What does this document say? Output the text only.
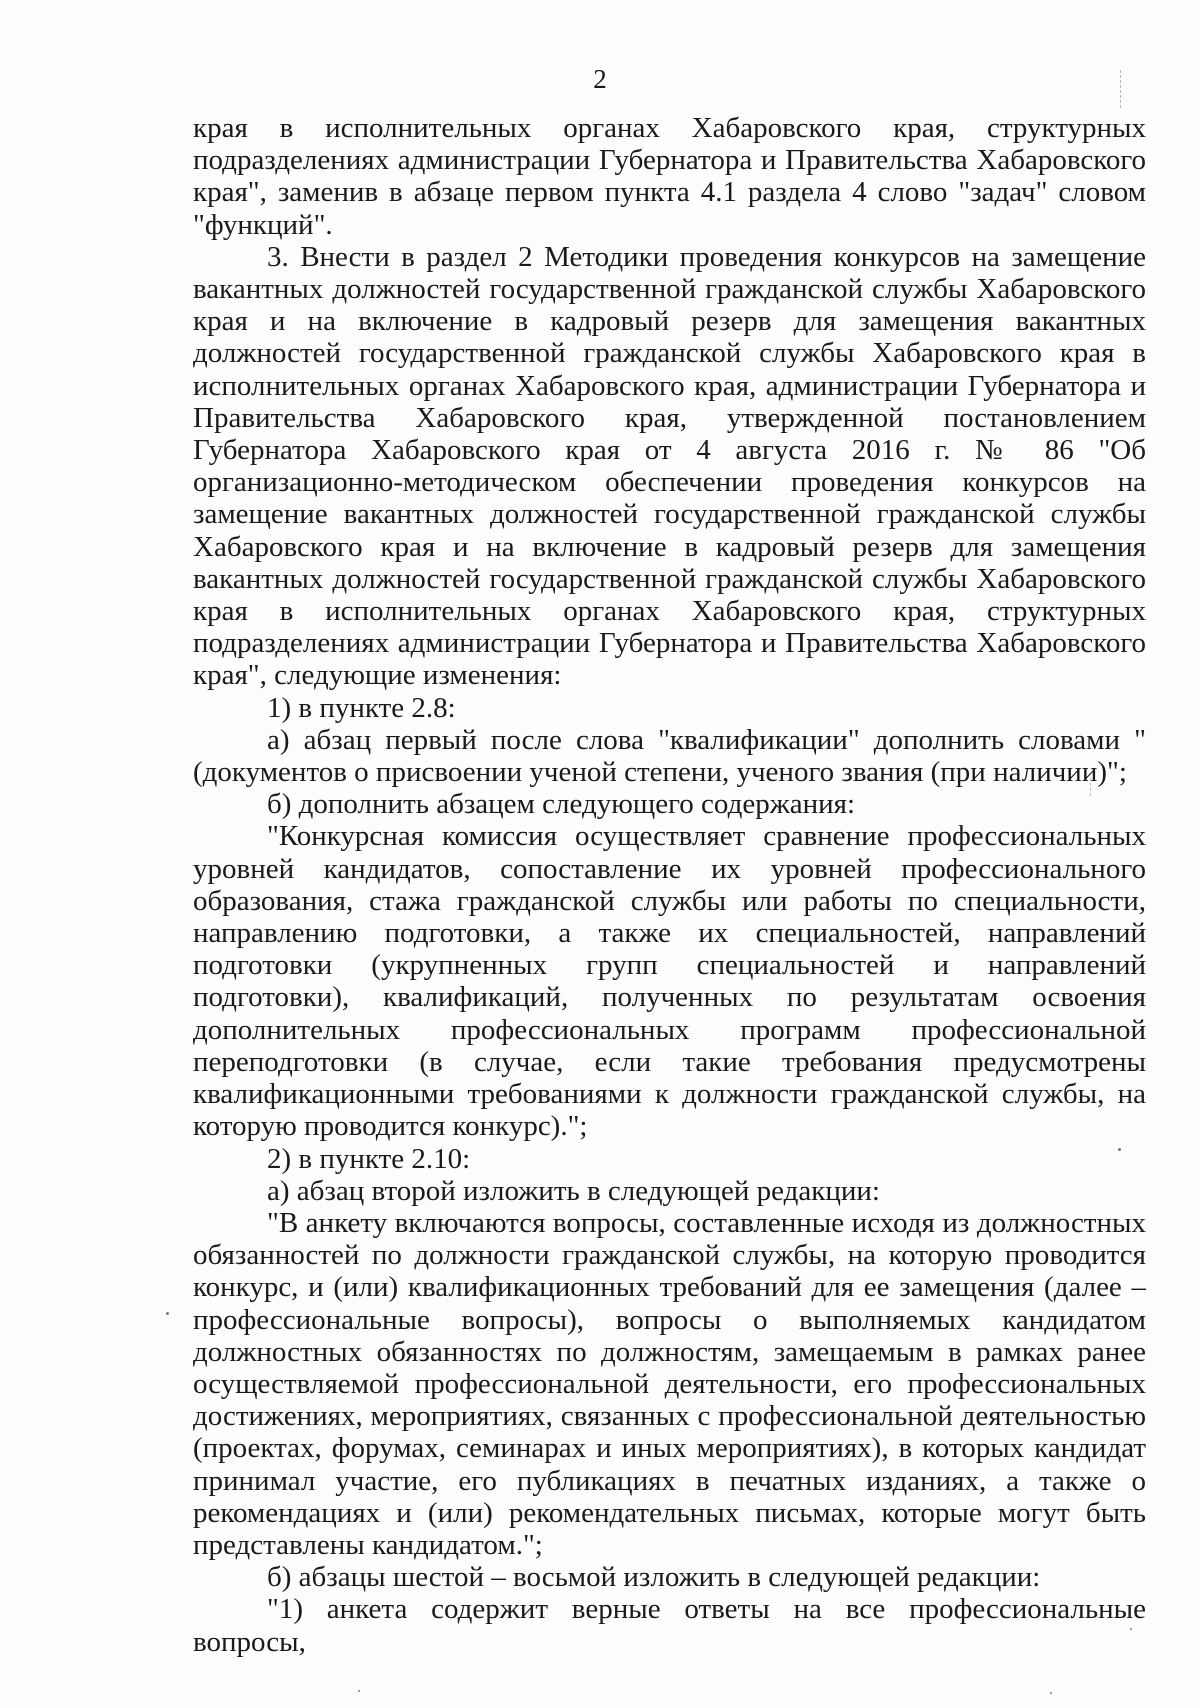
2

края в исполнительных органах Хабаровского края, структурных подразделениях администрации Губернатора и Правительства Хабаровского края", заменив в абзаце первом пункта 4.1 раздела 4 слово "задач" словом "функций".

3. Внести в раздел 2 Методики проведения конкурсов на замещение вакантных должностей государственной гражданской службы Хабаровского края и на включение в кадровый резерв для замещения вакантных должностей государственной гражданской службы Хабаровского края в исполнительных органах Хабаровского края, администрации Губернатора и Правительства Хабаровского края, утвержденной постановлением Губернатора Хабаровского края от 4 августа 2016 г. № 86 "Об организационно-методическом обеспечении проведения конкурсов на замещение вакантных должностей государственной гражданской службы Хабаровского края и на включение в кадровый резерв для замещения вакантных должностей государственной гражданской службы Хабаровского края в исполнительных органах Хабаровского края, структурных подразделениях администрации Губернатора и Правительства Хабаровского края", следующие изменения:

1) в пункте 2.8:

а) абзац первый после слова "квалификации" дополнить словами "(документов о присвоении ученой степени, ученого звания (при наличии)";

б) дополнить абзацем следующего содержания:

"Конкурсная комиссия осуществляет сравнение профессиональных уровней кандидатов, сопоставление их уровней профессионального образования, стажа гражданской службы или работы по специальности, направлению подготовки, а также их специальностей, направлений подготовки (укрупненных групп специальностей и направлений подготовки), квалификаций, полученных по результатам освоения дополнительных профессиональных программ профессиональной переподготовки (в случае, если такие требования предусмотрены квалификационными требованиями к должности гражданской службы, на которую проводится конкурс).";

2) в пункте 2.10:

а) абзац второй изложить в следующей редакции:

"В анкету включаются вопросы, составленные исходя из должностных обязанностей по должности гражданской службы, на которую проводится конкурс, и (или) квалификационных требований для ее замещения (далее – профессиональные вопросы), вопросы о выполняемых кандидатом должностных обязанностях по должностям, замещаемым в рамках ранее осуществляемой профессиональной деятельности, его профессиональных достижениях, мероприятиях, связанных с профессиональной деятельностью (проектах, форумах, семинарах и иных мероприятиях), в которых кандидат принимал участие, его публикациях в печатных изданиях, а также о рекомендациях и (или) рекомендательных письмах, которые могут быть представлены кандидатом.";

б) абзацы шестой – восьмой изложить в следующей редакции:

"1) анкета содержит верные ответы на все профессиональные вопросы,
